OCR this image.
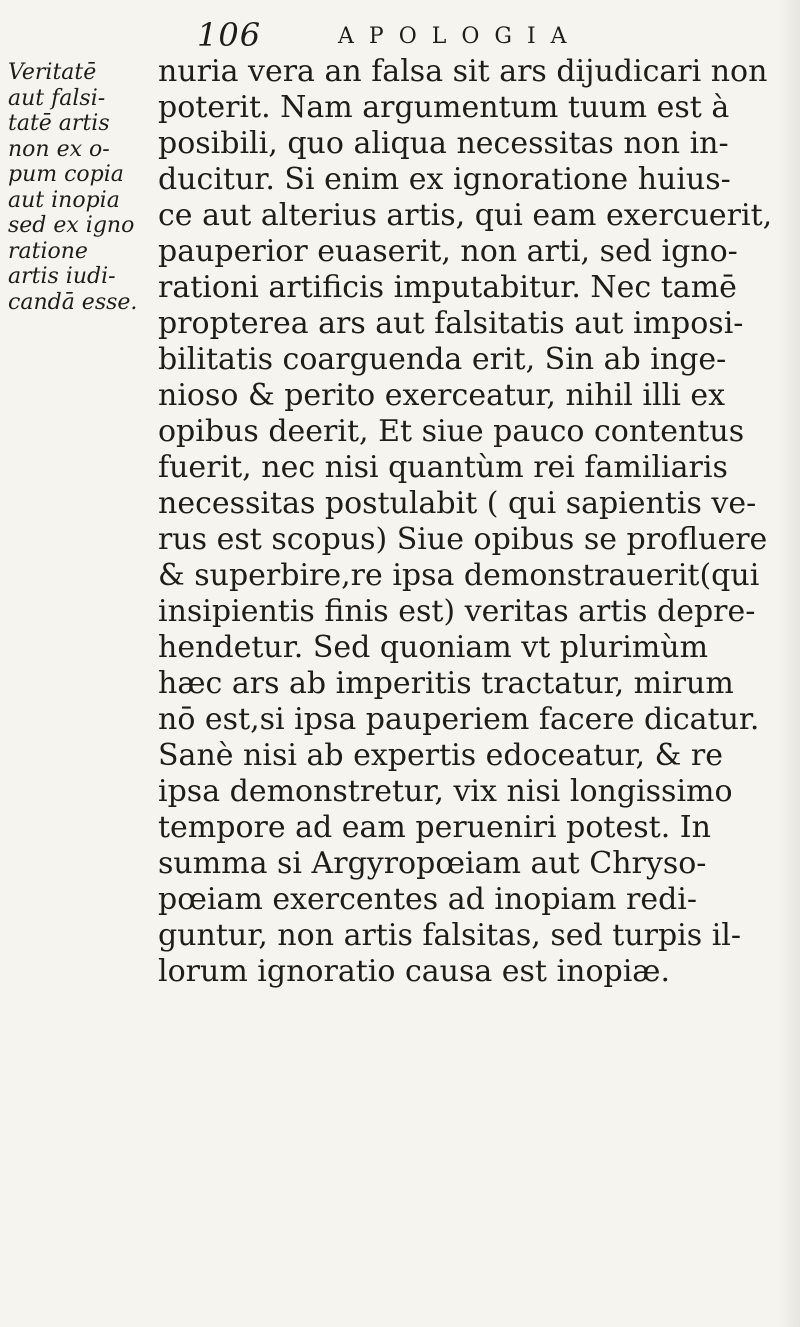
106	APOLOGIA
Veritatē
aut falsi-
tatē artis
non ex o-
pum copia
aut inopia
sed ex igno
ratione
artis iudi-
candā esse.
nuria vera an falsa sit ars dijudicari non
poterit. Nam argumentum tuum est à
posibili, quo aliqua necessitas non in-
ducitur. Si enim ex ignoratione huius-
ce aut alterius artis, qui eam exercuerit,
pauperior euaserit, non arti, sed igno-
rationi artificis imputabitur. Nec tamē
propterea ars aut falsitatis aut imposi-
bilitatis coarguenda erit, Sin ab inge-
nioso & perito exerceatur, nihil illi ex
opibus deerit, Et siue pauco contentus
fuerit, nec nisi quantùm rei familiaris
necessitas postulabit ( qui sapientis ve-
rus est scopus) Siue opibus se profluere
& superbire,re ipsa demonstrauerit(qui
insipientis finis est) veritas artis depre-
hendetur. Sed quoniam vt plurimùm
hæc ars ab imperitis tractatur, mirum
nō est,si ipsa pauperiem facere dicatur.
Sanè nisi ab expertis edoceatur, & re
ipsa demonstretur, vix nisi longissimo
tempore ad eam perueniri potest. In
summa si Argyropœiam aut Chryso-
pœiam exercentes ad inopiam redi-
guntur, non artis falsitas, sed turpis il-
lorum ignoratio causa est inopiæ.
